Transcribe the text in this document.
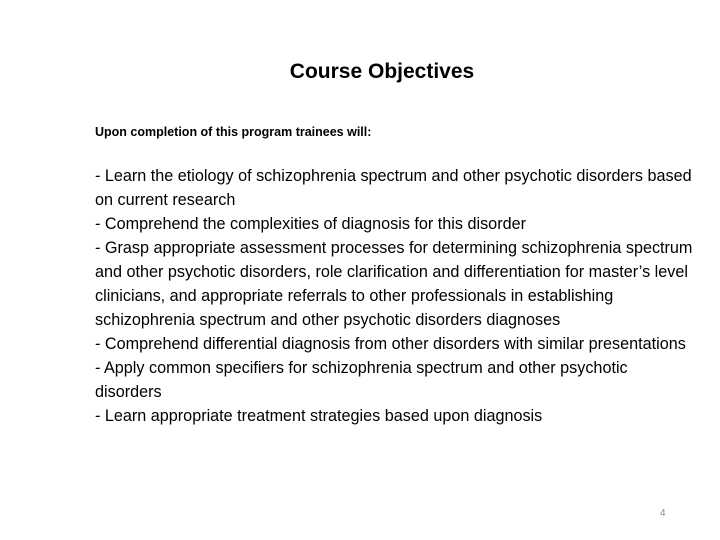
Course Objectives

Upon completion of this program trainees will:

- Learn the etiology of schizophrenia spectrum and other psychotic disorders based on current research
- Comprehend the complexities of diagnosis for this disorder
- Grasp appropriate assessment processes for determining schizophrenia spectrum and other psychotic disorders, role clarification and differentiation for master’s level clinicians, and appropriate referrals to other professionals in establishing schizophrenia spectrum and other psychotic disorders diagnoses
- Comprehend differential diagnosis from other disorders with similar presentations
- Apply common specifiers for schizophrenia spectrum and other psychotic disorders
- Learn appropriate treatment strategies based upon diagnosis
4
